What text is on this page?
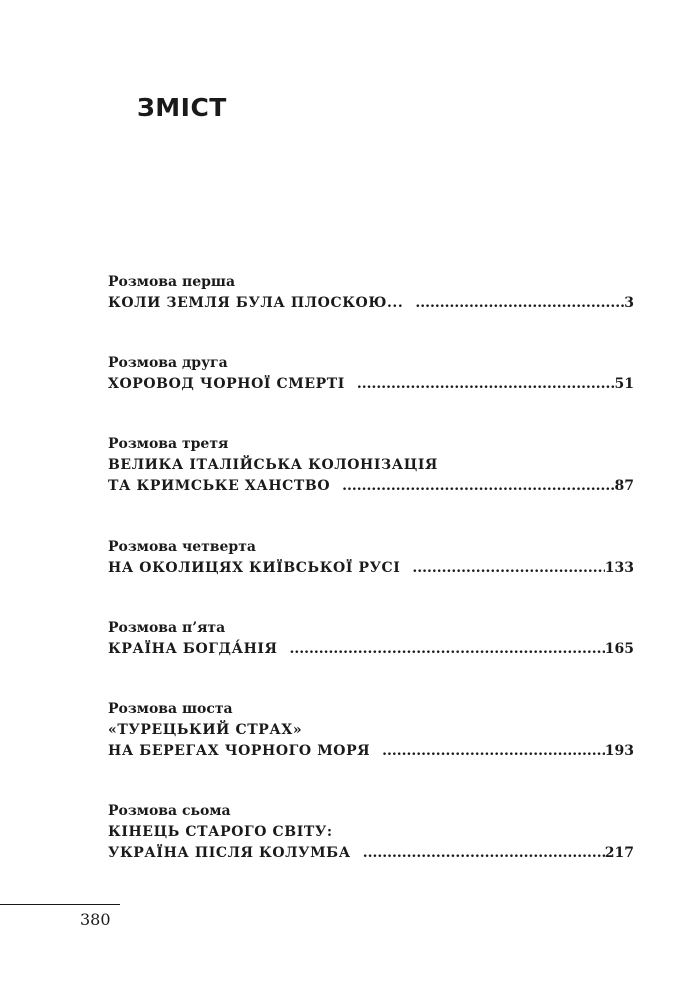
ЗМІСТ
Розмова перша
КОЛИ ЗЕМЛЯ БУЛА ПЛОСКОЮ... .....	3
Розмова друга
ХОРОВОД ЧОРНОЇ СМЕРТІ .....	51
Розмова третя
ВЕЛИКА ІТАЛІЙСЬКА КОЛОНІЗАЦІЯ
ТА КРИМСЬКЕ ХАНСТВО .....	87
Розмова четверта
НА ОКОЛИЦЯХ КИЇВСЬКОЇ РУСІ .....	133
Розмова п’ята
КРАЇНА БОГДА́НІЯ .....	165
Розмова шоста
«ТУРЕЦЬКИЙ СТРАХ»
НА БЕРЕГАХ ЧОРНОГО МОРЯ .....	193
Розмова сьома
КІНЕЦЬ СТАРОГО СВІТУ:
УКРАЇНА ПІСЛЯ КОЛУМБА .....	217
380
